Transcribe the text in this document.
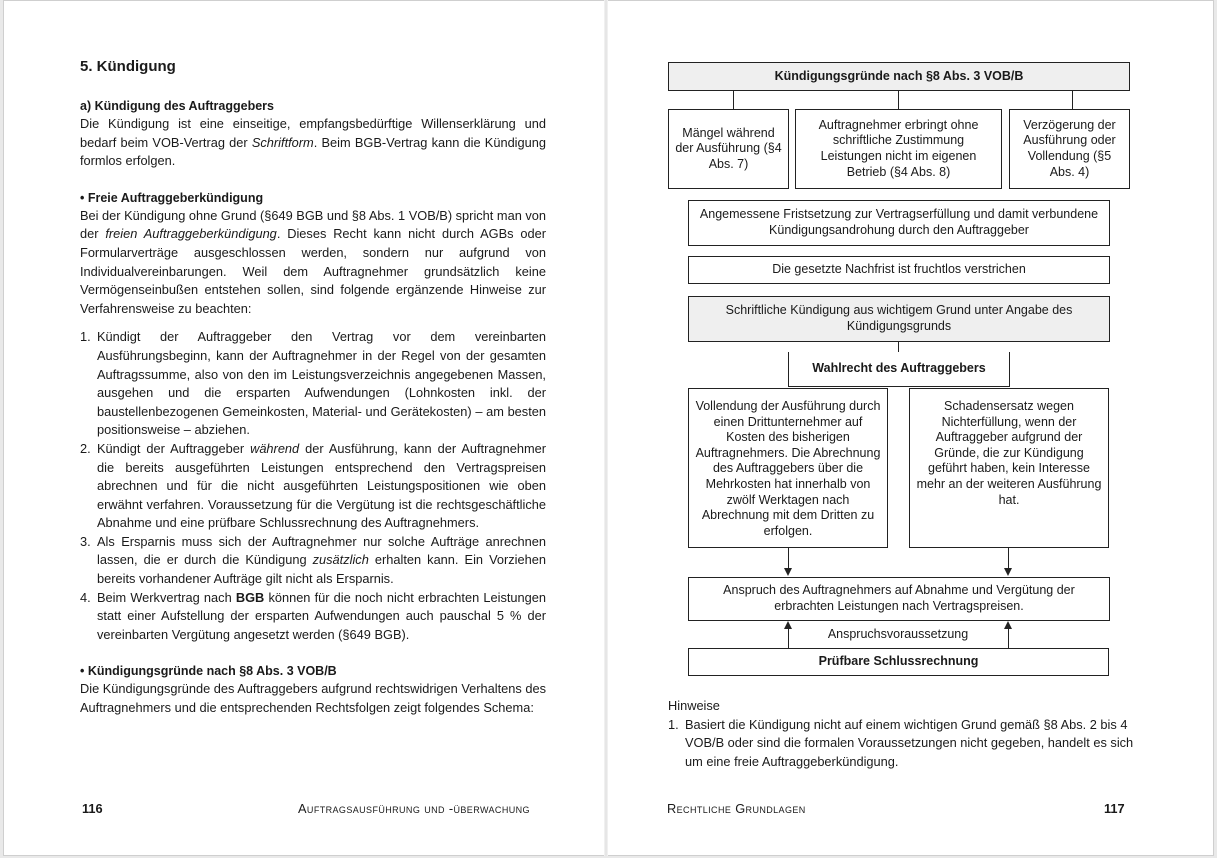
5. Kündigung
a) Kündigung des Auftraggebers

Die Kündigung ist eine einseitige, empfangsbedürftige Willenserklärung und bedarf beim VOB-Vertrag der Schriftform. Beim BGB-Vertrag kann die Kündigung formlos erfolgen.

• Freie Auftraggeberkündigung

Bei der Kündigung ohne Grund (§649 BGB und §8 Abs. 1 VOB/B) spricht man von der freien Auftraggeberkündigung. Dieses Recht kann nicht durch AGBs oder Formularverträge ausgeschlossen werden, sondern nur aufgrund von Individualvereinbarungen. Weil dem Auftragnehmer grundsätzlich keine Vermögenseinbußen entstehen sollen, sind folgende ergänzende Hinweise zur Verfahrensweise zu beachten:

1. Kündigt der Auftraggeber den Vertrag vor dem vereinbarten Ausführungsbeginn, kann der Auftragnehmer in der Regel von der gesamten Auftragssumme, also von den im Leistungsverzeichnis angegebenen Massen, ausgehen und die ersparten Aufwendungen (Lohnkosten inkl. der baustellenbezogenen Gemeinkosten, Material- und Gerätekosten) – am besten positionsweise – abziehen.
2. Kündigt der Auftraggeber während der Ausführung, kann der Auftragnehmer die bereits ausgeführten Leistungen entsprechend den Vertragspreisen abrechnen und für die nicht ausgeführten Leistungspositionen wie oben erwähnt verfahren. Voraussetzung für die Vergütung ist die rechtsgeschäftliche Abnahme und eine prüfbare Schlussrechnung des Auftragnehmers.
3. Als Ersparnis muss sich der Auftragnehmer nur solche Aufträge anrechnen lassen, die er durch die Kündigung zusätzlich erhalten kann. Ein Vorziehen bereits vorhandener Aufträge gilt nicht als Ersparnis.
4. Beim Werkvertrag nach BGB können für die noch nicht erbrachten Leistungen statt einer Aufstellung der ersparten Aufwendungen auch pauschal 5 % der vereinbarten Vergütung angesetzt werden (§649 BGB).
• Kündigungsgründe nach §8 Abs. 3 VOB/B

Die Kündigungsgründe des Auftraggebers aufgrund rechtswidrigen Verhaltens des Auftragnehmers und die entsprechenden Rechtsfolgen zeigt folgendes Schema:

116	Auftragsausführung und -überwachung
Kündigungsgründe nach §8 Abs. 3 VOB/B
Mängel während der Ausführung (§4 Abs. 7)
Auftragnehmer erbringt ohne schriftliche Zustimmung Leistungen nicht im eigenen Betrieb (§4 Abs. 8)
Verzögerung der Ausführung oder Vollendung (§5 Abs. 4)
Angemessene Fristsetzung zur Vertragserfüllung und damit verbundene Kündigungsandrohung durch den Auftraggeber
Die gesetzte Nachfrist ist fruchtlos verstrichen
Schriftliche Kündigung aus wichtigem Grund unter Angabe des Kündigungsgrunds
Wahlrecht des Auftraggebers
Vollendung der Ausführung durch einen Drittunternehmer auf Kosten des bisherigen Auftragnehmers. Die Abrechnung des Auftraggebers über die Mehrkosten hat innerhalb von zwölf Werktagen nach Abrechnung mit dem Dritten zu erfolgen.
Schadensersatz wegen Nichterfüllung, wenn der Auftraggeber aufgrund der Gründe, die zur Kündigung geführt haben, kein Interesse mehr an der weiteren Ausführung hat.
Anspruch des Auftragnehmers auf Abnahme und Vergütung der erbrachten Leistungen nach Vertragspreisen.
Anspruchsvoraussetzung
Prüfbare Schlussrechnung
Hinweise
1. Basiert die Kündigung nicht auf einem wichtigen Grund gemäß §8 Abs. 2 bis 4 VOB/B oder sind die formalen Voraussetzungen nicht gegeben, handelt es sich um eine freie Auftraggeberkündigung.
Rechtliche Grundlagen	117
